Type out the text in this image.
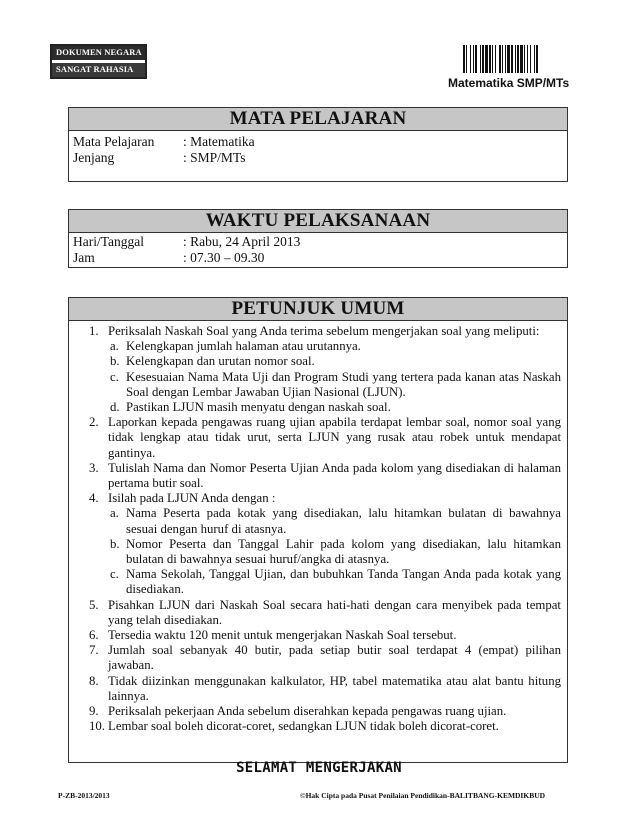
DOKUMEN NEGARA
SANGAT RAHASIA
Matematika SMP/MTs
MATA PELAJARAN
Mata Pelajaran	: Matematika
Jenjang	: SMP/MTs
WAKTU PELAKSANAAN
Hari/Tanggal	: Rabu, 24 April 2013
Jam	: 07.30 – 09.30
PETUNJUK UMUM
1. Periksalah Naskah Soal yang Anda terima sebelum mengerjakan soal yang meliputi:
a. Kelengkapan jumlah halaman atau urutannya.
b. Kelengkapan dan urutan nomor soal.
c. Kesesuaian Nama Mata Uji dan Program Studi yang tertera pada kanan atas Naskah Soal dengan Lembar Jawaban Ujian Nasional (LJUN).
d. Pastikan LJUN masih menyatu dengan naskah soal.
2. Laporkan kepada pengawas ruang ujian apabila terdapat lembar soal, nomor soal yang tidak lengkap atau tidak urut, serta LJUN yang rusak atau robek untuk mendapat gantinya.
3. Tulislah Nama dan Nomor Peserta Ujian Anda pada kolom yang disediakan di halaman pertama butir soal.
4. Isilah pada LJUN Anda dengan :
a. Nama Peserta pada kotak yang disediakan, lalu hitamkan bulatan di bawahnya sesuai dengan huruf di atasnya.
b. Nomor Peserta dan Tanggal Lahir pada kolom yang disediakan, lalu hitamkan bulatan di bawahnya sesuai huruf/angka di atasnya.
c. Nama Sekolah, Tanggal Ujian, dan bubuhkan Tanda Tangan Anda pada kotak yang disediakan.
5. Pisahkan LJUN dari Naskah Soal secara hati-hati dengan cara menyibek pada tempat yang telah disediakan.
6. Tersedia waktu 120 menit untuk mengerjakan Naskah Soal tersebut.
7. Jumlah soal sebanyak 40 butir, pada setiap butir soal terdapat 4 (empat) pilihan jawaban.
8. Tidak diizinkan menggunakan kalkulator, HP, tabel matematika atau alat bantu hitung lainnya.
9. Periksalah pekerjaan Anda sebelum diserahkan kepada pengawas ruang ujian.
10. Lembar soal boleh dicorat-coret, sedangkan LJUN tidak boleh dicorat-coret.
SELAMAT MENGERJAKAN
P-ZB-2013/2013	©Hak Cipta pada Pusat Penilaian Pendidikan-BALITBANG-KEMDIKBUD
